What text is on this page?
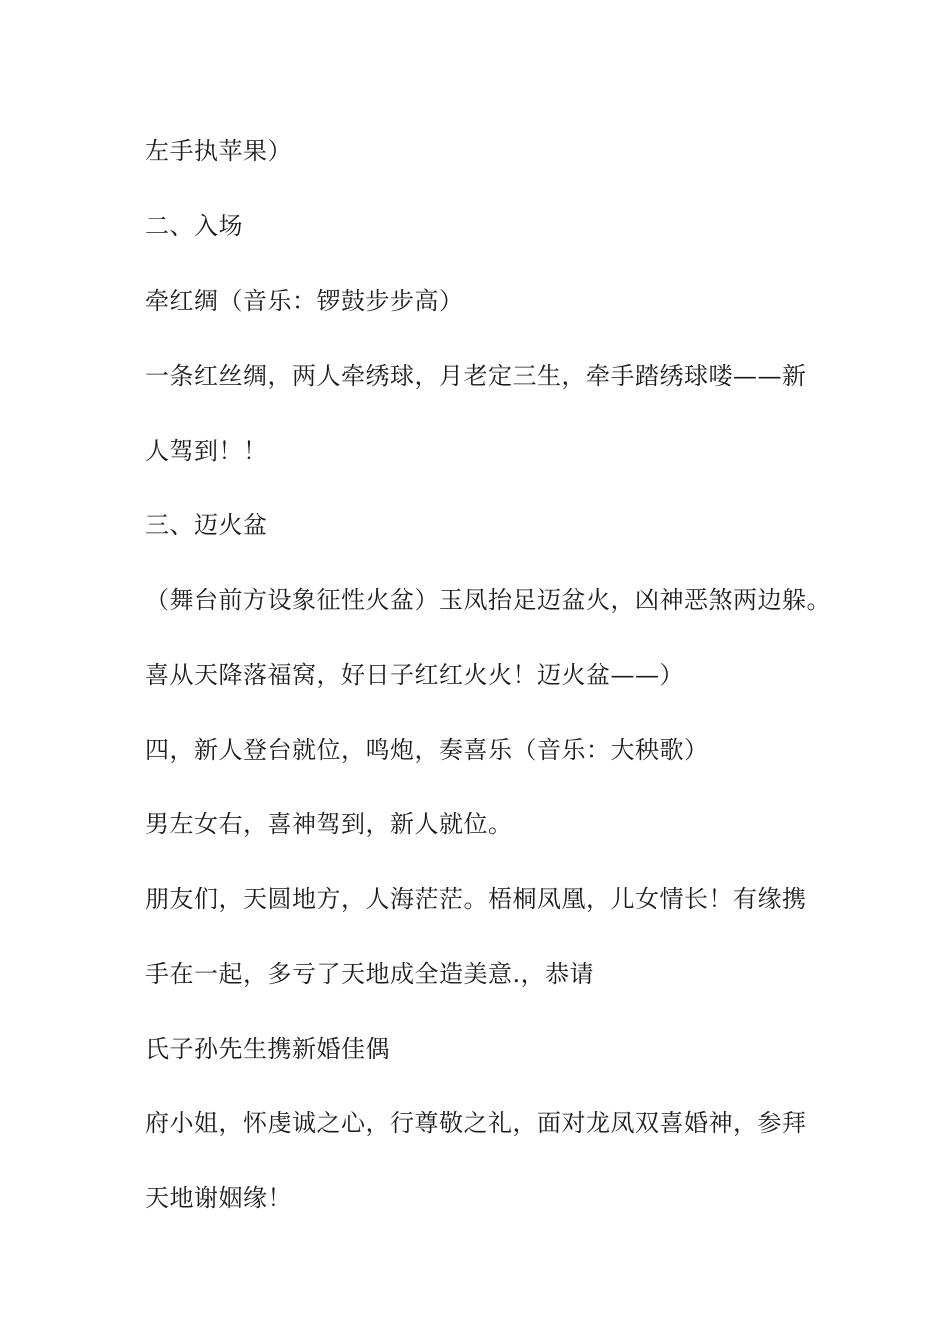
左手执苹果）

二、入场

牵红绸（音乐：锣鼓步步高）

一条红丝绸，两人牵绣球，月老定三生，牵手踏绣球喽——新

人驾到！！

三、迈火盆

（舞台前方设象征性火盆）玉凤抬足迈盆火，凶神恶煞两边躲。

喜从天降落福窝，好日子红红火火！迈火盆——）

四，新人登台就位，鸣炮，奏喜乐（音乐：大秧歌）

男左女右，喜神驾到，新人就位。

朋友们，天圆地方，人海茫茫。梧桐凤凰，儿女情长！有缘携

手在一起，多亏了天地成全造美意.，恭请

氏子孙先生携新婚佳偶

府小姐，怀虔诚之心，行尊敬之礼，面对龙凤双喜婚神，参拜

天地谢姻缘！
